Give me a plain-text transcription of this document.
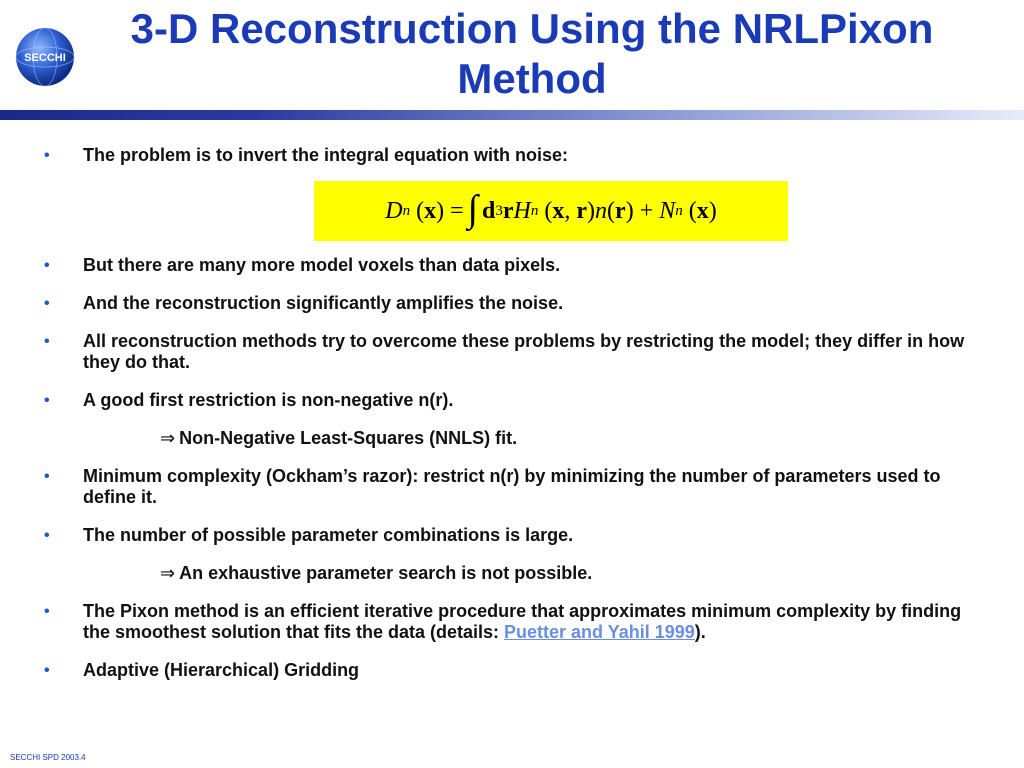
SECCHI
3-D Reconstruction Using the NRLPixon Method
• The problem is to invert the integral equation with noise:
D n ( x ) = ∫ d 3 r H n ( x , r ) n ( r ) +
N n ( x )
• But there are many more model voxels than data pixels.
• And the reconstruction significantly amplifies the noise.
• All reconstruction methods try to overcome these problems by restricting the model; they differ in how they do that.
• A good first restriction is non-negative n(r).
⇒ Non-Negative Least-Squares (NNLS) fit.
• Minimum complexity (Ockham’s razor): restrict n(r) by minimizing the number of parameters used to define it.
• The number of possible parameter combinations is large.
⇒ An exhaustive parameter search is not possible.
• The Pixon method is an efficient iterative procedure that approximates minimum complexity by finding the smoothest solution that fits the data (details: Puetter and Yahil 1999).
• Adaptive (Hierarchical) Gridding
SECCHI SPD 2003.4
